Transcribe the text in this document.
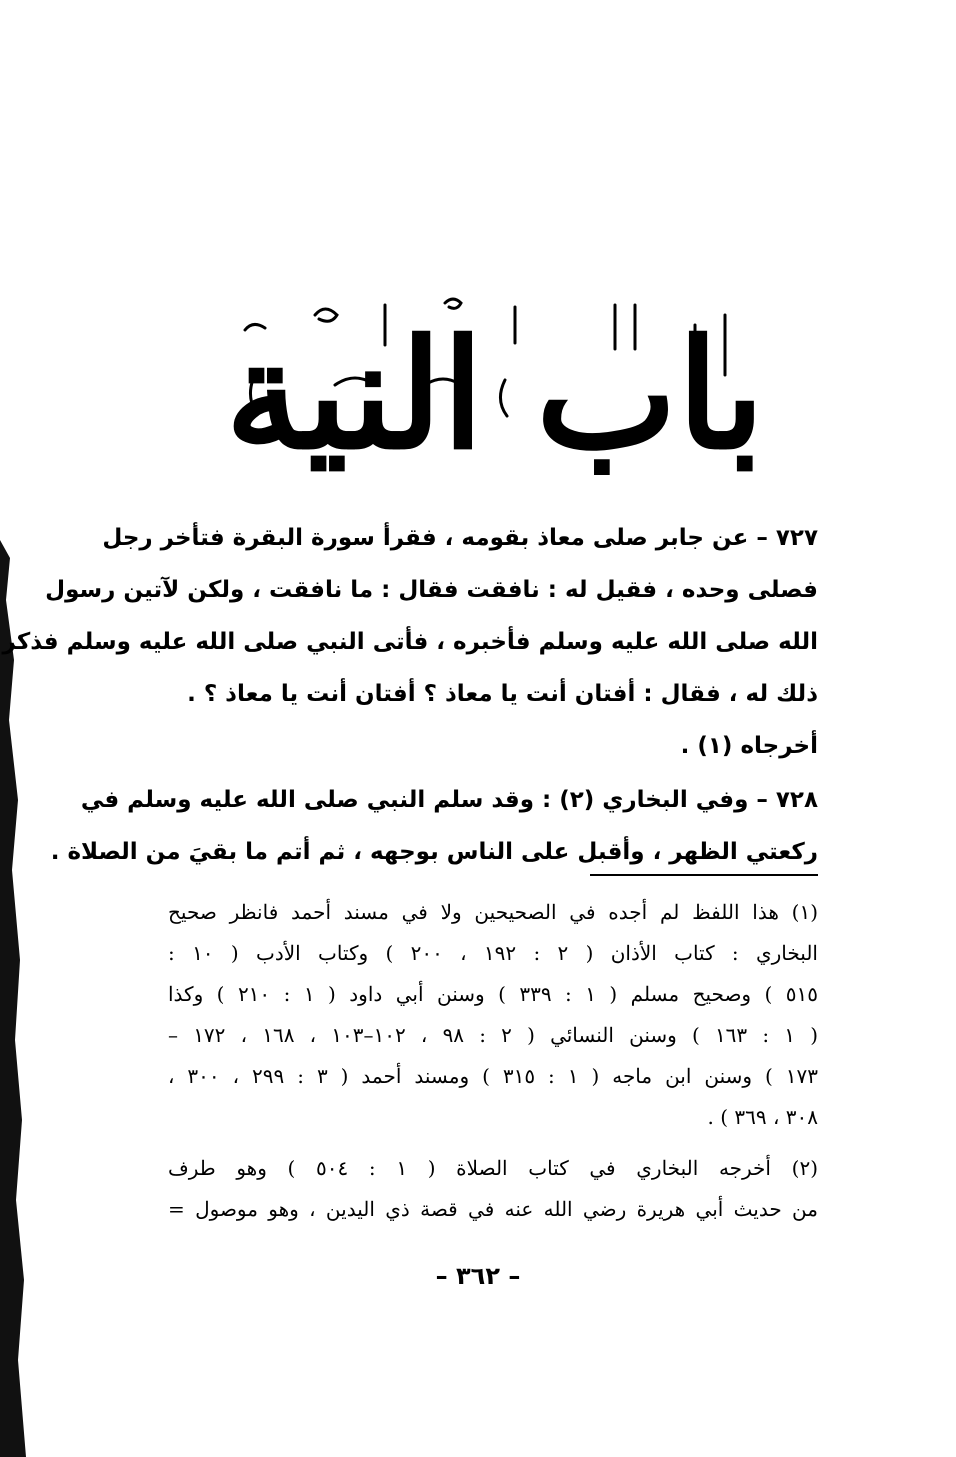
باب النية
٧٢٧ – عن جابر صلى معاذ بقومه ، فقرأ سورة البقرة فتأخر رجل
فصلى وحده ، فقيل له : نافقت فقال : ما نافقت ، ولكن لآتين رسول
الله صلى الله عليه وسلم فأخبره ، فأتى النبي صلى الله عليه وسلم فذكر
ذلك له ، فقال : أفتان أنت يا معاذ ؟ أفتان أنت يا معاذ ؟ .
أخرجاه (١) .
٧٢٨ – وفي البخاري (٢) : وقد سلم النبي صلى الله عليه وسلم في
ركعتي الظهر ، وأقبل على الناس بوجهه ، ثم أتم ما بقيَ من الصلاة .
(١) هذا اللفظ لم أجده في الصحيحين ولا في مسند أحمد فانظر صحيح
البخاري : كتاب الأذان ( ٢ : ١٩٢ ، ٢٠٠ ) وكتاب الأدب ( ١٠ :
٥١٥ ) وصحيح مسلم ( ١ : ٣٣٩ ) وسنن أبي داود ( ١ : ٢١٠ ) وكذا
( ١ : ١٦٣ ) وسنن النسائي ( ٢ : ٩٨ ، ١٠٢–١٠٣ ، ١٦٨ ، ١٧٢ –
١٧٣ ) وسنن ابن ماجه ( ١ : ٣١٥ ) ومسند أحمد ( ٣ : ٢٩٩ ، ٣٠٠ ،
٣٠٨ ، ٣٦٩ ) .
(٢) أخرجه البخاري في كتاب الصلاة ( ١ : ٥٠٤ ) وهو طرف
من حديث أبي هريرة رضي الله عنه في قصة ذي اليدين ، وهو موصول =
– ٣٦٢ –
